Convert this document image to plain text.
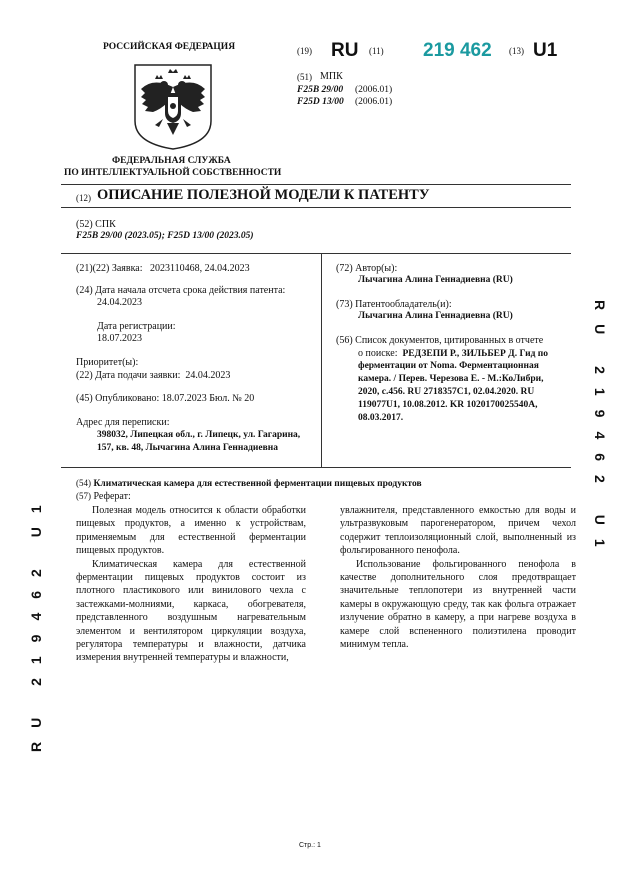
РОССИЙСКАЯ ФЕДЕРАЦИЯ
ФЕДЕРАЛЬНАЯ СЛУЖБА
ПО ИНТЕЛЛЕКТУАЛЬНОЙ СОБСТВЕННОСТИ
(19) RU (11) 219 462 (13) U1
(51) МПК
F25B 29/00 (2006.01)
F25D 13/00 (2006.01)
(12) ОПИСАНИЕ ПОЛЕЗНОЙ МОДЕЛИ К ПАТЕНТУ
(52) СПК
F25B 29/00 (2023.05); F25D 13/00 (2023.05)
(21)(22) Заявка: 2023110468, 24.04.2023
(24) Дата начала отсчета срока действия патента:
24.04.2023
Дата регистрации:
18.07.2023
Приоритет(ы):
(22) Дата подачи заявки: 24.04.2023
(45) Опубликовано: 18.07.2023 Бюл. № 20
Адрес для переписки:
398032, Липецкая обл., г. Липецк, ул. Гагарина,
157, кв. 48, Лычагина Алина Геннадиевна
(72) Автор(ы):
Лычагина Алина Геннадиевна (RU)
(73) Патентообладатель(и):
Лычагина Алина Геннадиевна (RU)
(56) Список документов, цитированных в отчете
о поиске: РЕДЗЕПИ Р., ЗИЛЬБЕР Д. Гид по
ферментации от Noma. Ферментационная
камера. / Перев. Черезова Е. - М.:КоЛибри,
2020, с.456. RU 2718357C1, 02.04.2020. RU
119077U1, 10.08.2012. KR 1020170025540A,
08.03.2017.
(54) Климатическая камера для естественной ферментации пищевых продуктов
(57) Реферат:

Полезная модель относится к области обработки пищевых продуктов, а именно к устройствам, применяемым для естественной ферментации пищевых продуктов.

Климатическая камера для естественной ферментации пищевых продуктов состоит из плотного пластикового или винилового чехла с застежками-молниями, каркаса, обогревателя, представленного воздушным нагревательным элементом и вентилятором циркуляции воздуха, регулятора температуры и влажности, датчика измерения внутренней температуры и влажности,

увлажнителя, представленного емкостью для воды и ультразвуковым парогенератором, причем чехол содержит теплоизоляционный слой, выполненный из фольгированного пенофола.

Использование фольгированного пенофола в качестве дополнительного слоя предотвращает значительные теплопотери из внутренней части камеры в окружающую среду, так как фольга отражает излучение обратно в камеру, а при нагреве воздуха в камере слой вспененного полиэтилена проводит минимум тепла.

RU 219462 U1
RU 219462 U1
Стр.: 1
